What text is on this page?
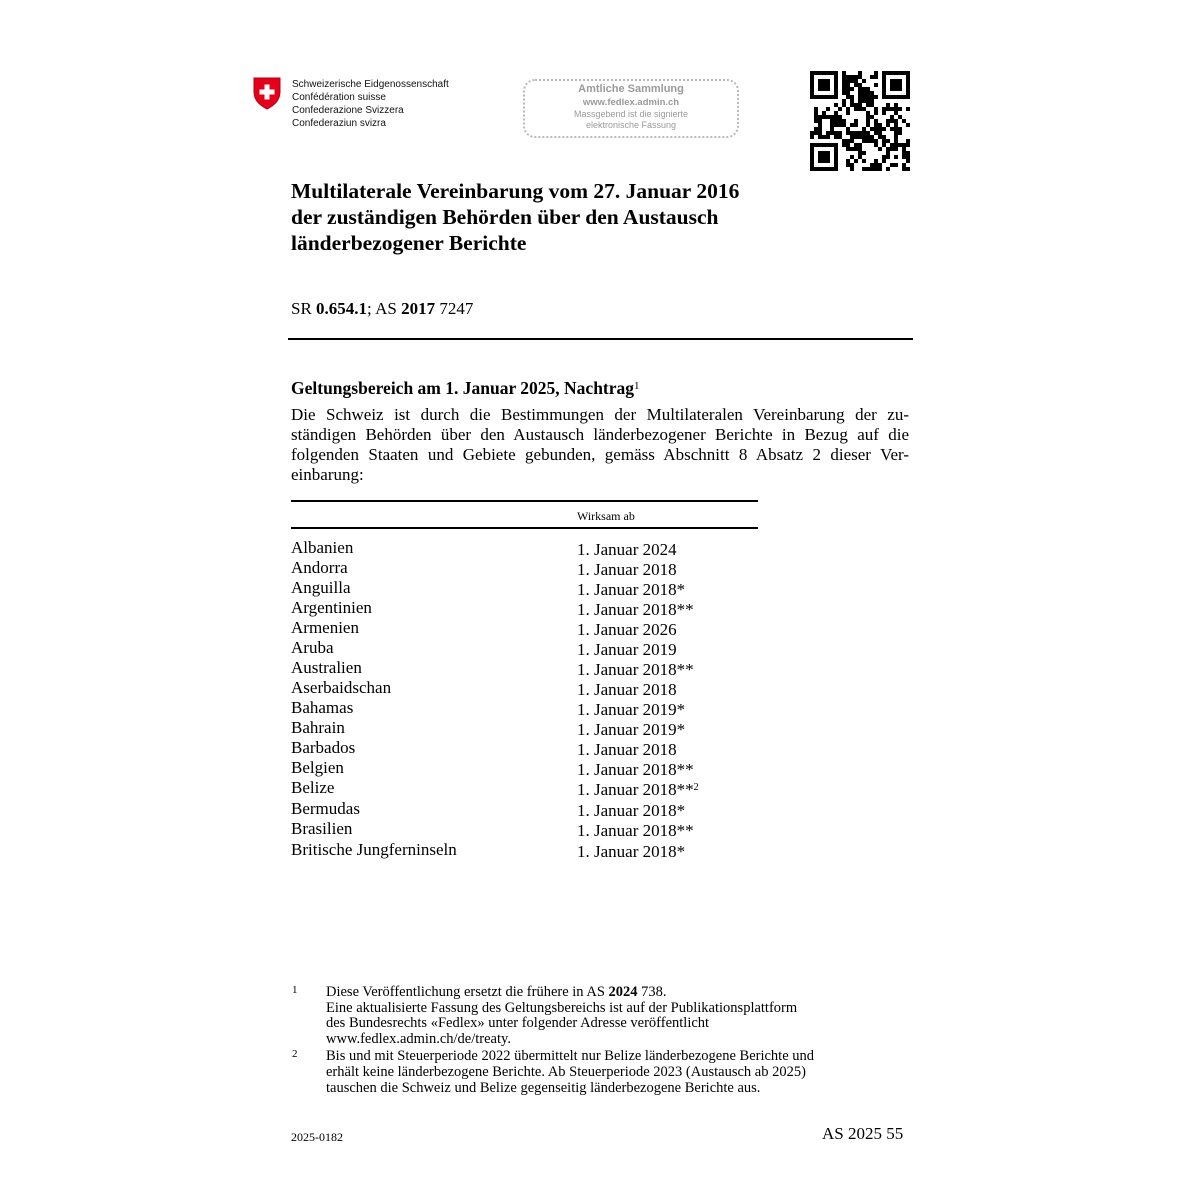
Schweizerische Eidgenossenschaft
Confédération suisse
Confederazione Svizzera
Confederaziun svizra
Amtliche Sammlung
www.fedlex.admin.ch
Massgebend ist die signierte
elektronische Fassung
Multilaterale Vereinbarung vom 27. Januar 2016
der zuständigen Behörden über den Austausch
länderbezogener Berichte
SR 0.654.1; AS 2017 7247
Geltungsbereich am 1. Januar 2025, Nachtrag$^1$
Die Schweiz ist durch die Bestimmungen der Multilateralen Vereinbarung der zu-
ständigen Behörden über den Austausch länderbezogener Berichte in Bezug auf die
folgenden Staaten und Gebiete gebunden, gemäss Abschnitt 8 Absatz 2 dieser Ver-
einbarung:
Wirksam ab
Albanien	1. Januar 2024
Andorra	1. Januar 2018
Anguilla	1. Januar 2018*
Argentinien	1. Januar 2018**
Armenien	1. Januar 2026
Aruba	1. Januar 2019
Australien	1. Januar 2018**
Aserbaidschan	1. Januar 2018
Bahamas	1. Januar 2019*
Bahrain	1. Januar 2019*
Barbados	1. Januar 2018
Belgien	1. Januar 2018**
Belize	1. Januar 2018**$^2$
Bermudas	1. Januar 2018*
Brasilien	1. Januar 2018**
Britische Jungferninseln	1. Januar 2018*
1 Diese Veröffentlichung ersetzt die frühere in AS 2024 738.
Eine aktualisierte Fassung des Geltungsbereichs ist auf der Publikationsplattform
des Bundesrechts «Fedlex» unter folgender Adresse veröffentlicht
www.fedlex.admin.ch/de/treaty.
2 Bis und mit Steuerperiode 2022 übermittelt nur Belize länderbezogene Berichte und
erhält keine länderbezogene Berichte. Ab Steuerperiode 2023 (Austausch ab 2025)
tauschen die Schweiz und Belize gegenseitig länderbezogene Berichte aus.
2025-0182	AS 2025 55
